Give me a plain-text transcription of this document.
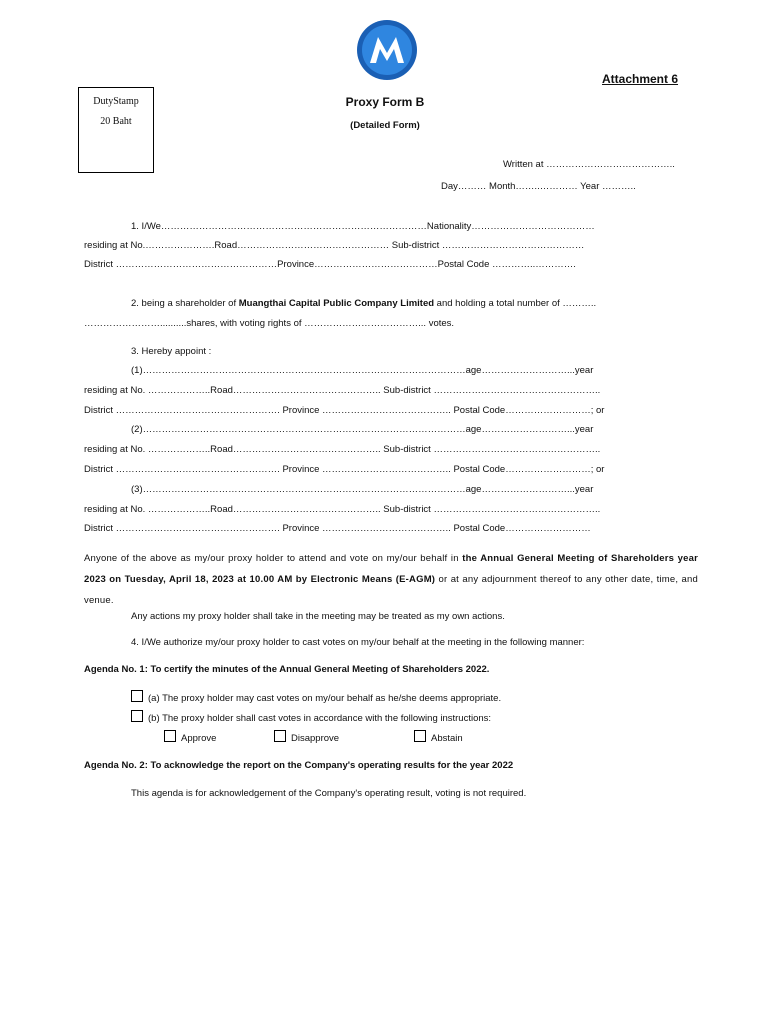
DutyStamp
20 Baht
Attachment 6
Proxy Form B
(Detailed Form)
Written at …………………………………..
Day……… Month……..………… Year ………..
1. I/We…………………………………………………………………………Nationality…………………………………
residing at No.………………….Road………………………………………… Sub-district ………………………………………
District ……………………………………………Province…………………………………Postal Code …………..………….
2. being a shareholder of Muangthai Capital Public Company Limited and holding a total number of ………..
……………………..........shares, with voting rights of ………………………………... votes.
3. Hereby appoint :
(1)…………………………………………………………………………………………age………………………...year
residing at No. ………………..Road……………………………………….. Sub-district ……………………………………………..
District ……………………………………………. Province ………………………………….. Postal Code………………………; or
(2)…………………………………………………………………………………………age………………………...year
residing at No. ………………..Road……………………………………….. Sub-district ……………………………………………..
District ……………………………………………. Province ………………………………….. Postal Code………………………; or
(3)…………………………………………………………………………………………age………………………...year
residing at No. ………………..Road……………………………………….. Sub-district ……………………………………………..
District ……………………………………………. Province ………………………………….. Postal Code………………………
Anyone of the above as my/our proxy holder to attend and vote on my/our behalf in the Annual General Meeting of Shareholders year 2023 on Tuesday, April 18, 2023 at 10.00 AM by Electronic Means (E-AGM) or at any adjournment thereof to any other date, time, and venue.
Any actions my proxy holder shall take in the meeting may be treated as my own actions.
4. I/We authorize my/our proxy holder to cast votes on my/our behalf at the meeting in the following manner:
Agenda No. 1: To certify the minutes of the Annual General Meeting of Shareholders 2022.
(a) The proxy holder may cast votes on my/our behalf as he/she deems appropriate.
(b) The proxy holder shall cast votes in accordance with the following instructions:
Approve	Disapprove	Abstain
Agenda No. 2: To acknowledge the report on the Company's operating results for the year 2022
This agenda is for acknowledgement of the Company's operating result, voting is not required.
